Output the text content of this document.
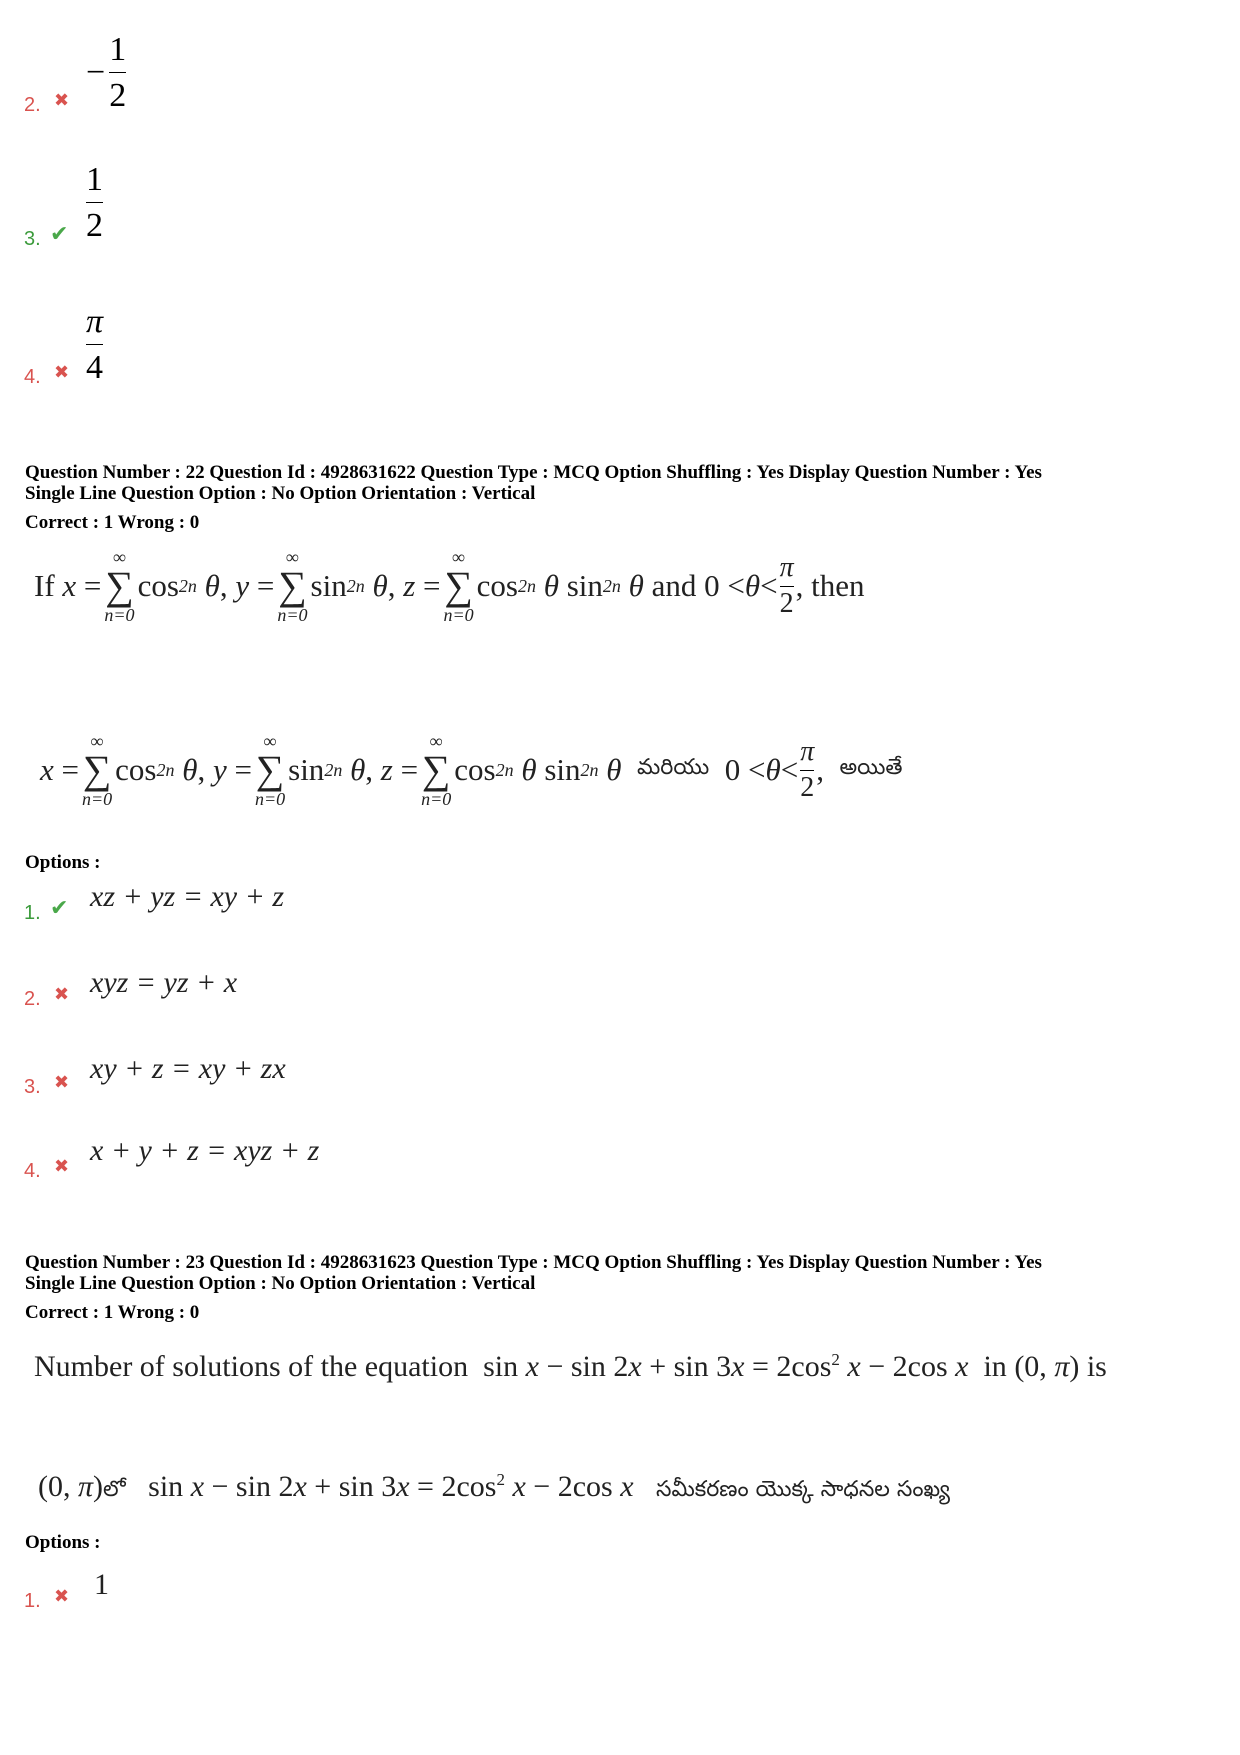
2. ✖
− $\frac{1}{2}$
3. ✔
1
2
4. ✖
π
4
Question Number : 22 Question Id : 4928631622 Question Type : MCQ Option Shuffling : Yes Display Question Number : Yes
Single Line Question Option : No Option Orientation : Vertical
Correct : 1 Wrong : 0
If
x =
∞
∑
n=0
cos 2n θ , y =
∞
∑
n=0
sin 2n θ , z =
∞
∑
n=0
cos 2n θ sin 2n θ
and $0 < \theta < \frac{\pi}{2}$ , then
x =
∞
∑
n=0
cos 2n θ , y =
∞
∑
n=0
sin 2n θ , z =
∞
∑
n=0
cos 2n θ sin 2n θ
మరియు $0 < \theta < \frac{\pi}{2}$ , అయితే
Options :
1. ✔ xz + yz = xy + z
2. ✖ xyz = yz + x
3. ✖ xy + z = xy + zx
4. ✖ x + y + z = xyz + z
Question Number : 23 Question Id : 4928631623 Question Type : MCQ Option Shuffling : Yes Display Question Number : Yes
Single Line Question Option : No Option Orientation : Vertical
Correct : 1 Wrong : 0
Number of solutions of the equation  $\sin x - \sin 2x + \sin 3x = 2\cos^2$ x − 2cos x in (0, π) is
(0, π)లో   $\sin x - \sin 2x + \sin 3x = 2\cos^2$ x − 2cos x సమీకరణం యొక్క సాధనల సంఖ్య
Options :
1. ✖ 1
